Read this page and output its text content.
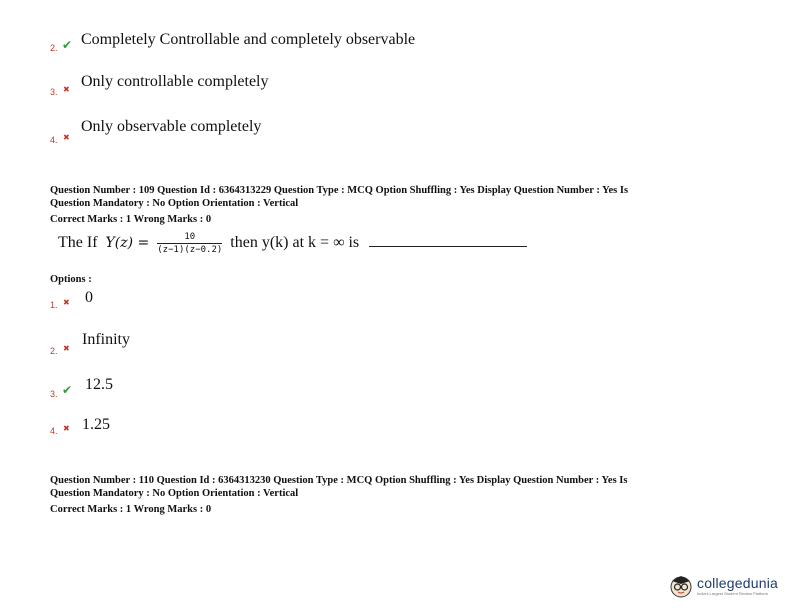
2. ✔ Completely Controllable and completely observable
3. ✖ Only controllable completely
4. ✖
Only observable completely
Question Number : 109 Question Id : 6364313229 Question Type : MCQ Option Shuffling : Yes Display Question Number : Yes Is
Question Mandatory : No Option Orientation : Vertical
Correct Marks : 1 Wrong Marks : 0
The If $Y(z) = \frac{10}{(z-1)(z-0.2)}$ then y(k) at k = ∞ is
Options :
1. ✖ 0
2. ✖
Infinity
3. ✔ 12.5
4. ✖ 1.25
Question Number : 110 Question Id : 6364313230 Question Type : MCQ Option Shuffling : Yes Display Question Number : Yes Is
Question Mandatory : No Option Orientation : Vertical
Correct Marks : 1 Wrong Marks : 0
collegedunia
India's Largest Student Review Platform
